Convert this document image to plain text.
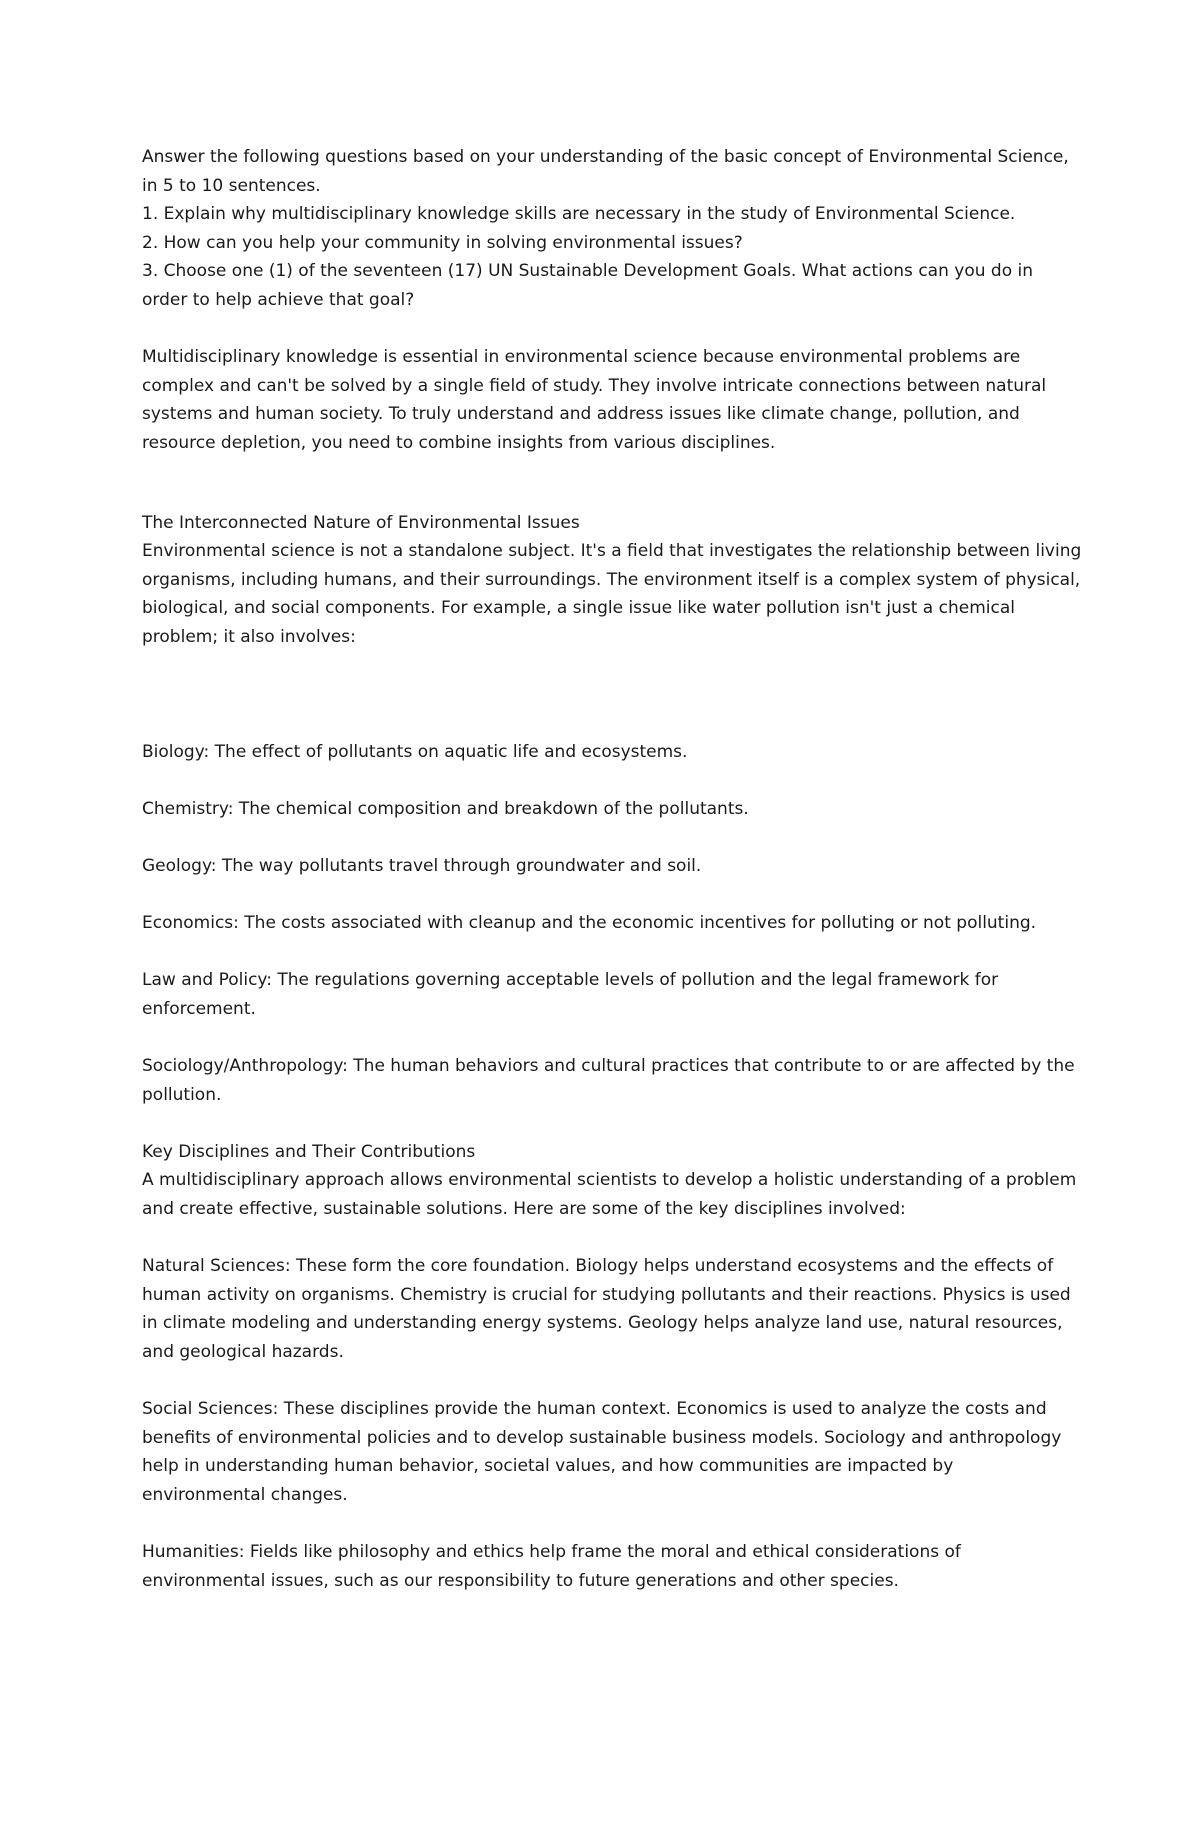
Answer the following questions based on your understanding of the basic concept of Environmental Science, in 5 to 10 sentences.

1. Explain why multidisciplinary knowledge skills are necessary in the study of Environmental Science.

2. How can you help your community in solving environmental issues?

3. Choose one (1) of the seventeen (17) UN Sustainable Development Goals. What actions can you do in order to help achieve that goal?

Multidisciplinary knowledge is essential in environmental science because environmental problems are complex and can't be solved by a single field of study. They involve intricate connections between natural systems and human society. To truly understand and address issues like climate change, pollution, and resource depletion, you need to combine insights from various disciplines.

The Interconnected Nature of Environmental Issues

Environmental science is not a standalone subject. It's a field that investigates the relationship between living organisms, including humans, and their surroundings. The environment itself is a complex system of physical, biological, and social components. For example, a single issue like water pollution isn't just a chemical problem; it also involves:

Biology: The effect of pollutants on aquatic life and ecosystems.

Chemistry: The chemical composition and breakdown of the pollutants.

Geology: The way pollutants travel through groundwater and soil.

Economics: The costs associated with cleanup and the economic incentives for polluting or not polluting.

Law and Policy: The regulations governing acceptable levels of pollution and the legal framework for enforcement.

Sociology/Anthropology: The human behaviors and cultural practices that contribute to or are affected by the pollution.

Key Disciplines and Their Contributions

A multidisciplinary approach allows environmental scientists to develop a holistic understanding of a problem and create effective, sustainable solutions. Here are some of the key disciplines involved:

Natural Sciences: These form the core foundation. Biology helps understand ecosystems and the effects of human activity on organisms. Chemistry is crucial for studying pollutants and their reactions. Physics is used in climate modeling and understanding energy systems. Geology helps analyze land use, natural resources, and geological hazards.

Social Sciences: These disciplines provide the human context. Economics is used to analyze the costs and benefits of environmental policies and to develop sustainable business models. Sociology and anthropology help in understanding human behavior, societal values, and how communities are impacted by environmental changes.

Humanities: Fields like philosophy and ethics help frame the moral and ethical considerations of environmental issues, such as our responsibility to future generations and other species.
